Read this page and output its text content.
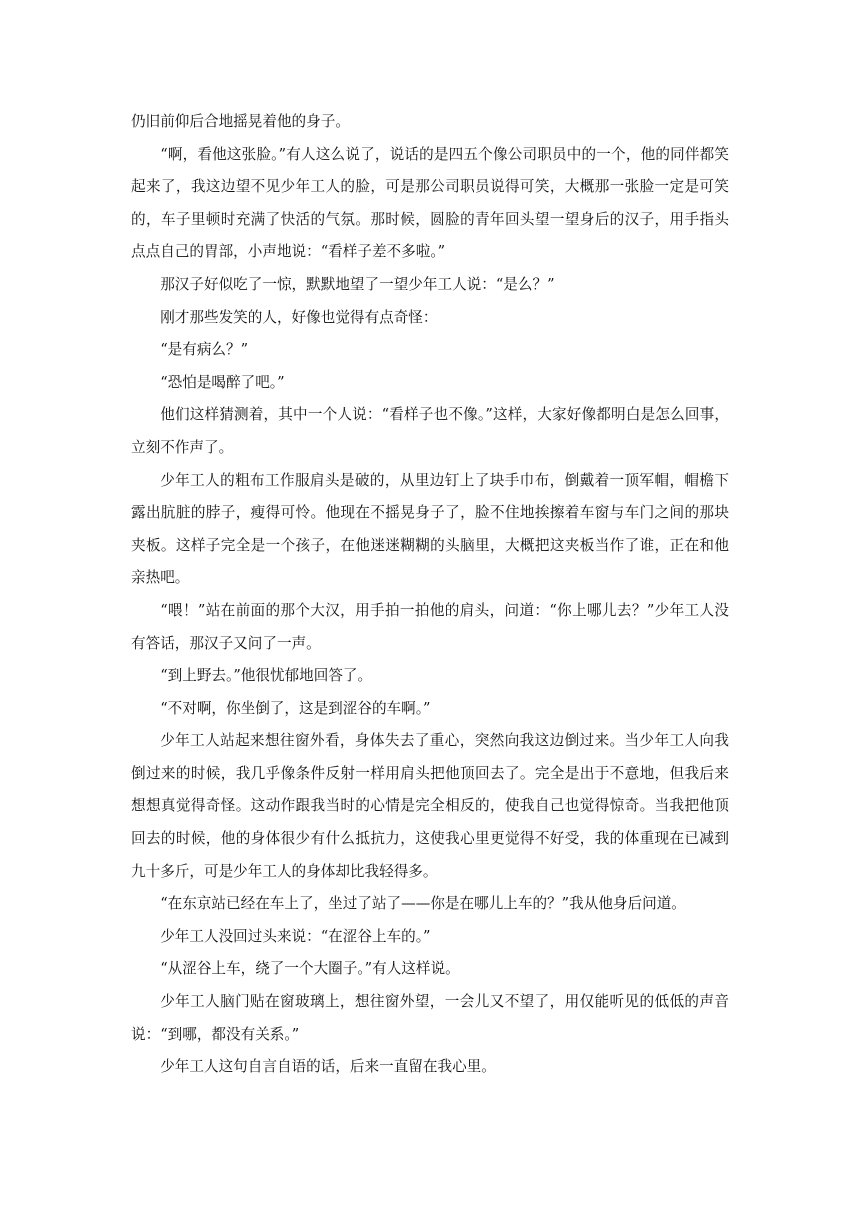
仍旧前仰后合地摇晃着他的身子。

“啊，看他这张脸。”有人这么说了，说话的是四五个像公司职员中的一个，他的同伴都笑起来了，我这边望不见少年工人的脸，可是那公司职员说得可笑，大概那一张脸一定是可笑的，车子里顿时充满了快活的气氛。那时候，圆脸的青年回头望一望身后的汉子，用手指头点点自己的胃部，小声地说：“看样子差不多啦。”

那汉子好似吃了一惊，默默地望了一望少年工人说：“是么？”

刚才那些发笑的人，好像也觉得有点奇怪：

“是有病么？”

“恐怕是喝醉了吧。”

他们这样猜测着，其中一个人说：“看样子也不像。”这样，大家好像都明白是怎么回事，立刻不作声了。

少年工人的粗布工作服肩头是破的，从里边钉上了块手巾布，倒戴着一顶军帽，帽檐下露出肮脏的脖子，瘦得可怜。他现在不摇晃身子了，脸不住地挨擦着车窗与车门之间的那块夹板。这样子完全是一个孩子，在他迷迷糊糊的头脑里，大概把这夹板当作了谁，正在和他亲热吧。

“喂！”站在前面的那个大汉，用手拍一拍他的肩头，问道：“你上哪儿去？”少年工人没有答话，那汉子又问了一声。

“到上野去。”他很忧郁地回答了。

“不对啊，你坐倒了，这是到涩谷的车啊。”

少年工人站起来想往窗外看，身体失去了重心，突然向我这边倒过来。当少年工人向我倒过来的时候，我几乎像条件反射一样用肩头把他顶回去了。完全是出于不意地，但我后来想想真觉得奇怪。这动作跟我当时的心情是完全相反的，使我自己也觉得惊奇。当我把他顶回去的时候，他的身体很少有什么抵抗力，这使我心里更觉得不好受，我的体重现在已减到九十多斤，可是少年工人的身体却比我轻得多。

“在东京站已经在车上了，坐过了站了——你是在哪儿上车的？”我从他身后问道。

少年工人没回过头来说：“在涩谷上车的。”

“从涩谷上车，绕了一个大圈子。”有人这样说。

少年工人脑门贴在窗玻璃上，想往窗外望，一会儿又不望了，用仅能听见的低低的声音说：“到哪，都没有关系。”

少年工人这句自言自语的话，后来一直留在我心里。
